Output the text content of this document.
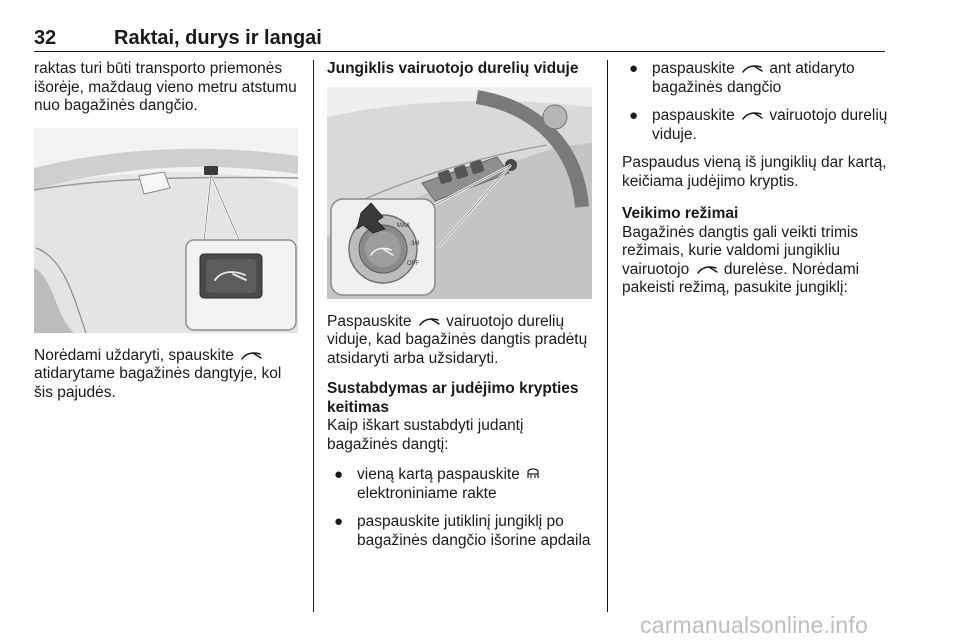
32	Raktai, durys ir langai

raktas turi būti transporto priemonės išorėje, maždaug vieno metru atstumu nuo bagažinės dangčio.

Norėdami uždaryti, spauskite  atidarytame bagažinės dangtyje, kol šis pajudės.

Jungiklis vairuotojo durelių viduje

MAX
3/4
OFF

Paspauskite vairuotojo durelių viduje, kad bagažinės dangtis pradėtų atsidaryti arba užsidaryti.

Sustabdymas ar judėjimo krypties keitimas

Kaip iškart sustabdyti judantį bagažinės dangtį:

● vieną kartą paspauskite  elektroniniame rakte
● paspauskite jutiklinį jungiklį po bagažinės dangčio išorine apdaila
● paspauskite ant atidaryto bagažinės dangčio
● paspauskite vairuotojo durelių viduje.

Paspaudus vieną iš jungiklių dar kartą, keičiama judėjimo kryptis.

Veikimo režimai

Bagažinės dangtis gali veikti trimis režimais, kurie valdomi jungikliu vairuotojo durelėse. Norėdami pakeisti režimą, pasukite jungiklį:

carmanualsonline.info
